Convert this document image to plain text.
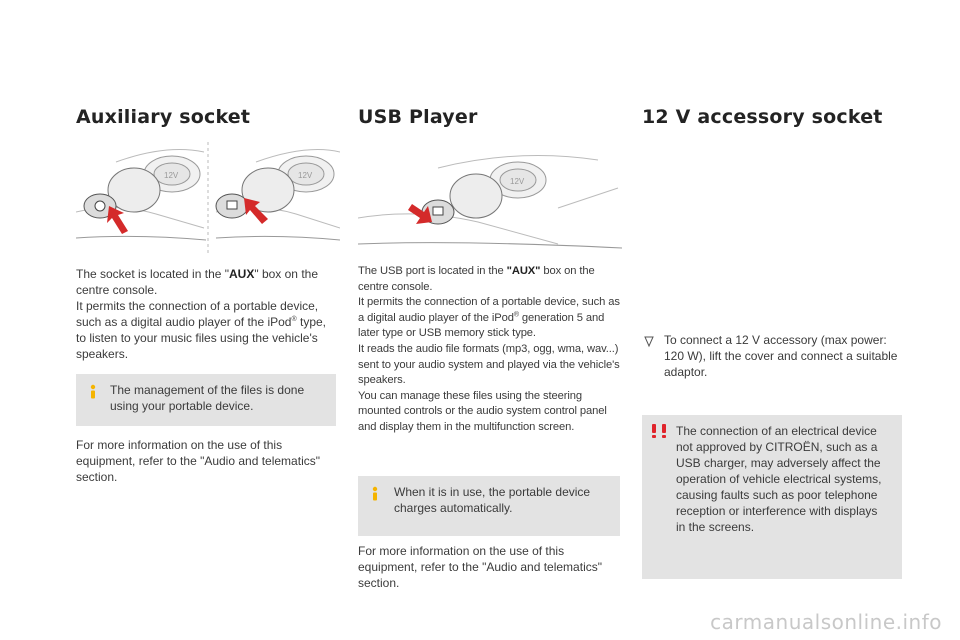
Auxiliary socket
12V	12V
The socket is located in the "AUX" box on the centre console.
It permits the connection of a portable device, such as a digital audio player of the iPod® type, to listen to your music files using the vehicle's speakers.
The management of the files is done using your portable device.
For more information on the use of this equipment, refer to the "Audio and telematics" section.
USB Player
12V
The USB port is located in the "AUX" box on the centre console.
It permits the connection of a portable device, such as a digital audio player of the iPod® generation 5 and later type or USB memory stick type.
It reads the audio file formats (mp3, ogg, wma, wav...) sent to your audio system and played via the vehicle's speakers.
You can manage these files using the steering mounted controls or the audio system control panel and display them in the multifunction screen.
When it is in use, the portable device charges automatically.
For more information on the use of this equipment, refer to the "Audio and telematics" section.
12 V accessory socket
To connect a 12 V accessory (max power: 120 W), lift the cover and connect a suitable adaptor.
The connection of an electrical device not approved by CITROËN, such as a USB charger, may adversely affect the operation of vehicle electrical systems, causing faults such as poor telephone reception or interference with displays in the screens.
carmanualsonline.info
